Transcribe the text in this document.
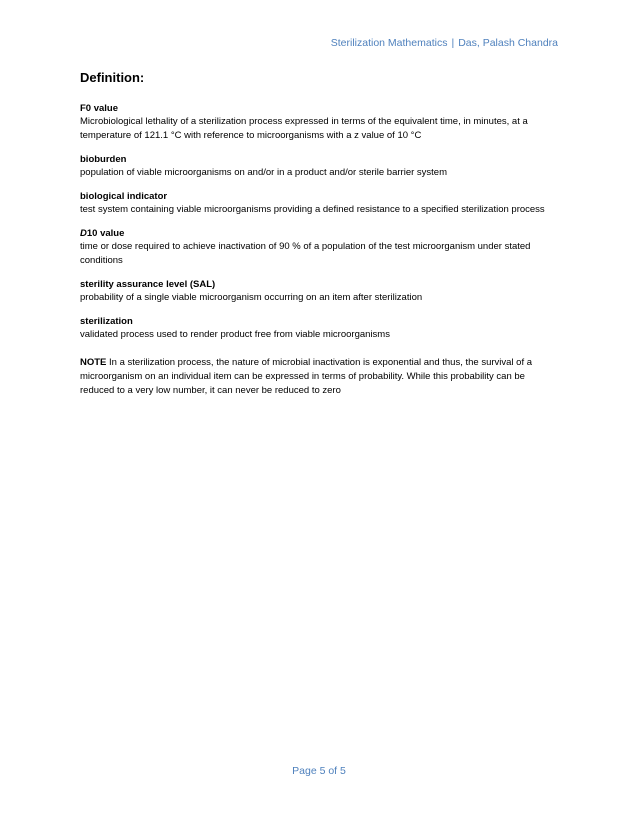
Sterilization Mathematics | Das, Palash Chandra
Definition:
F0 value
Microbiological lethality of a sterilization process expressed in terms of the equivalent time, in minutes, at a temperature of 121.1 °C with reference to microorganisms with a z value of 10 °C
bioburden
population of viable microorganisms on and/or in a product and/or sterile barrier system
biological indicator
test system containing viable microorganisms providing a defined resistance to a specified sterilization process
D10 value
time or dose required to achieve inactivation of 90 % of a population of the test microorganism under stated conditions
sterility assurance level (SAL)
probability of a single viable microorganism occurring on an item after sterilization
sterilization
validated process used to render product free from viable microorganisms
NOTE In a sterilization process, the nature of microbial inactivation is exponential and thus, the survival of a microorganism on an individual item can be expressed in terms of probability. While this probability can be reduced to a very low number, it can never be reduced to zero
Page 5 of 5
